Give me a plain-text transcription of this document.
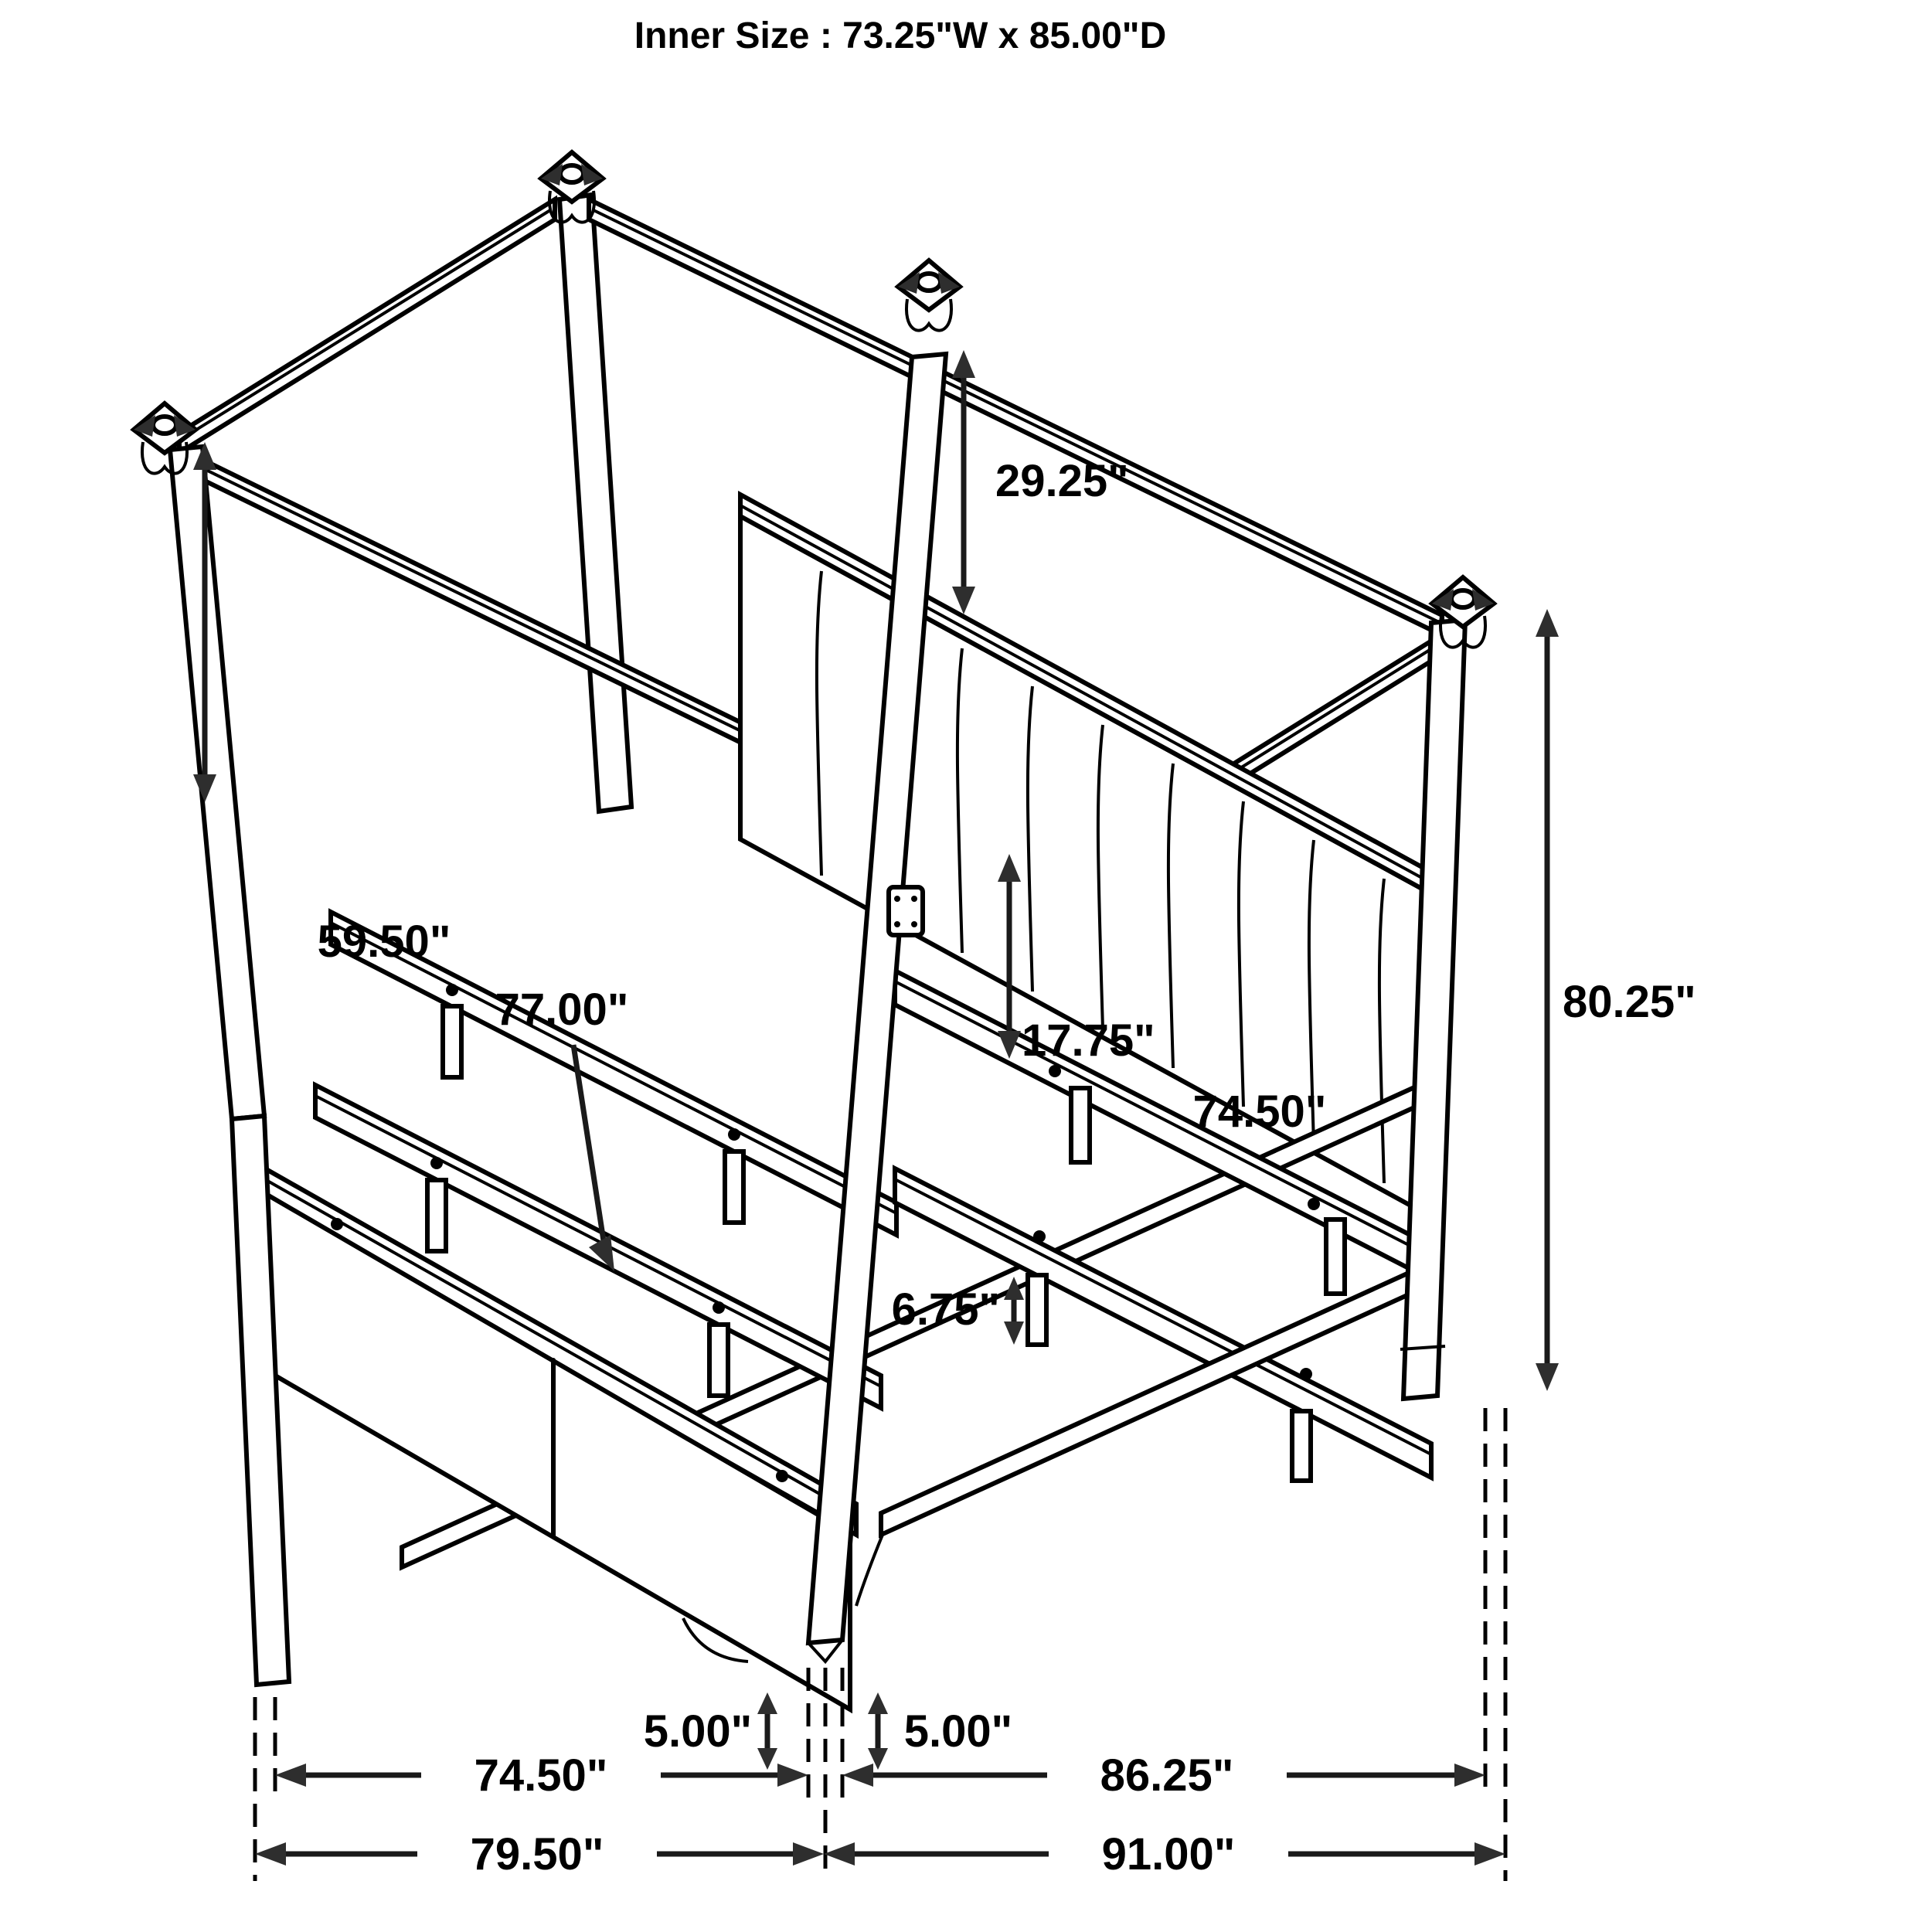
Inner Size : 73.25"W x 85.00"D
29.25"
59.50"
77.00"
17.75"
74.50"
80.25"
6.75"
5.00"	5.00"
74.50"	86.25"
79.50"	91.00"
